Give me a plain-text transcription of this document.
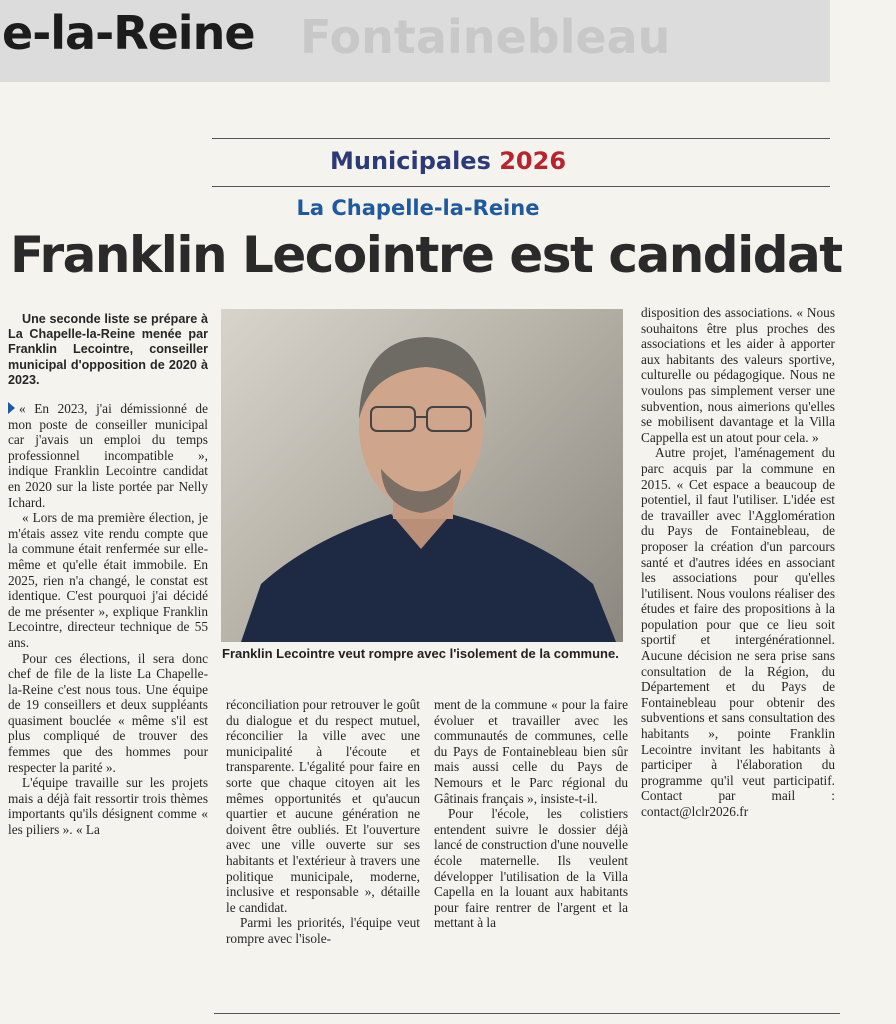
Fontainebleau
e-la-Reine
Municipales 2026
La Chapelle-la-Reine
Franklin Lecointre est candidat

Une seconde liste se prépare à La Chapelle-la-Reine menée par Franklin Lecointre, conseiller municipal d'opposition de 2020 à 2023.

« En 2023, j'ai démissionné de mon poste de conseiller municipal car j'avais un emploi du temps professionnel incompatible », indique Franklin Lecointre candidat en 2020 sur la liste portée par Nelly Ichard.

« Lors de ma première élection, je m'étais assez vite rendu compte que la commune était renfermée sur elle-même et qu'elle était immobile. En 2025, rien n'a changé, le constat est identique. C'est pourquoi j'ai décidé de me présenter », explique Franklin Lecointre, directeur technique de 55 ans.

Pour ces élections, il sera donc chef de file de la liste La Chapelle-la-Reine c'est nous tous. Une équipe de 19 conseillers et deux suppléants quasiment bouclée « même s'il est plus compliqué de trouver des femmes que des hommes pour respecter la parité ».

L'équipe travaille sur les projets mais a déjà fait ressortir trois thèmes importants qu'ils désignent comme « les piliers ». « La

Franklin Lecointre veut rompre avec l'isolement de la commune.

réconciliation pour retrouver le goût du dialogue et du respect mutuel, réconcilier la ville avec une municipalité à l'écoute et transparente. L'égalité pour faire en sorte que chaque citoyen ait les mêmes opportunités et qu'aucun quartier et aucune génération ne doivent être oubliés. Et l'ouverture avec une ville ouverte sur ses habitants et l'extérieur à travers une politique municipale, moderne, inclusive et responsable », détaille le candidat.

Parmi les priorités, l'équipe veut rompre avec l'isole-

ment de la commune « pour la faire évoluer et travailler avec les communautés de communes, celle du Pays de Fontainebleau bien sûr mais aussi celle du Pays de Nemours et le Parc régional du Gâtinais français », insiste-t-il.

Pour l'école, les colistiers entendent suivre le dossier déjà lancé de construction d'une nouvelle école maternelle. Ils veulent développer l'utilisation de la Villa Capella en la louant aux habitants pour faire rentrer de l'argent et la mettant à la

disposition des associations. « Nous souhaitons être plus proches des associations et les aider à apporter aux habitants des valeurs sportive, culturelle ou pédagogique. Nous ne voulons pas simplement verser une subvention, nous aimerions qu'elles se mobilisent davantage et la Villa Cappella est un atout pour cela. »

Autre projet, l'aménagement du parc acquis par la commune en 2015. « Cet espace a beaucoup de potentiel, il faut l'utiliser. L'idée est de travailler avec l'Agglomération du Pays de Fontainebleau, de proposer la création d'un parcours santé et d'autres idées en associant les associations pour qu'elles l'utilisent. Nous voulons réaliser des études et faire des propositions à la population pour que ce lieu soit sportif et intergénérationnel. Aucune décision ne sera prise sans consultation de la Région, du Département et du Pays de Fontainebleau pour obtenir des subventions et sans consultation des habitants », pointe Franklin Lecointre invitant les habitants à participer à l'élaboration du programme qu'il veut participatif. Contact par mail : contact@lclr2026.fr
